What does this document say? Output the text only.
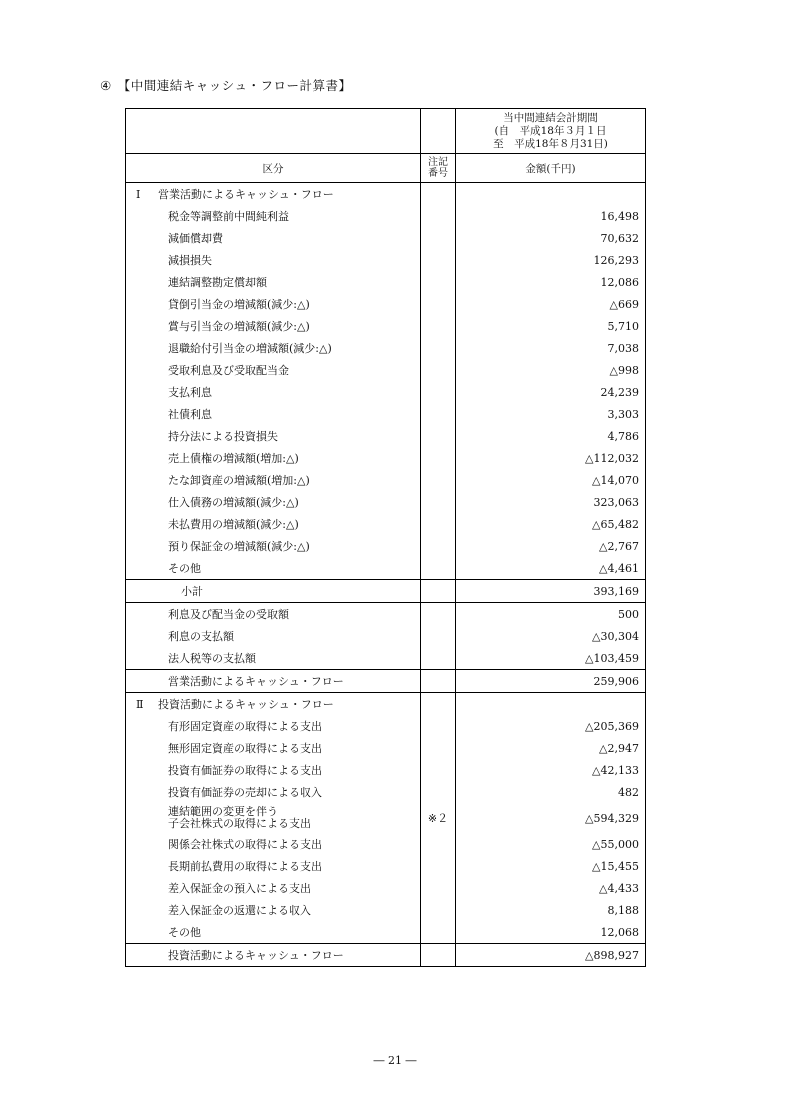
④ 【中間連結キャッシュ・フロー計算書】

		当中間連結会計期間
(自　平成18年３月１日
至　平成18年８月31日)

区分	注記
番号	金額(千円)
Ⅰ 営業活動によるキャッシュ・フロー		
税金等調整前中間純利益		16,498
減価償却費		70,632
減損損失		126,293
連結調整勘定償却額		12,086
貸倒引当金の増減額(減少:△)		△669
賞与引当金の増減額(減少:△)		5,710
退職給付引当金の増減額(減少:△)		7,038
受取利息及び受取配当金		△998
支払利息		24,239
社債利息		3,303
持分法による投資損失		4,786
売上債権の増減額(増加:△)		△112,032
たな卸資産の増減額(増加:△)		△14,070
仕入債務の増減額(減少:△)		323,063
未払費用の増減額(減少:△)		△65,482
預り保証金の増減額(減少:△)		△2,767
その他		△4,461
小計		393,169
利息及び配当金の受取額		500
利息の支払額		△30,304
法人税等の支払額		△103,459
営業活動によるキャッシュ・フロー		259,906
Ⅱ 投資活動によるキャッシュ・フロー		
有形固定資産の取得による支出		△205,369
無形固定資産の取得による支出		△2,947
投資有価証券の取得による支出		△42,133
投資有価証券の売却による収入		482

連結範囲の変更を伴う
子会社株式の取得による支出	※２	△594,329
関係会社株式の取得による支出		△55,000
長期前払費用の取得による支出		△15,455
差入保証金の預入による支出		△4,433
差入保証金の返還による収入		8,188
その他		12,068
投資活動によるキャッシュ・フロー		△898,927
― 21 ―
